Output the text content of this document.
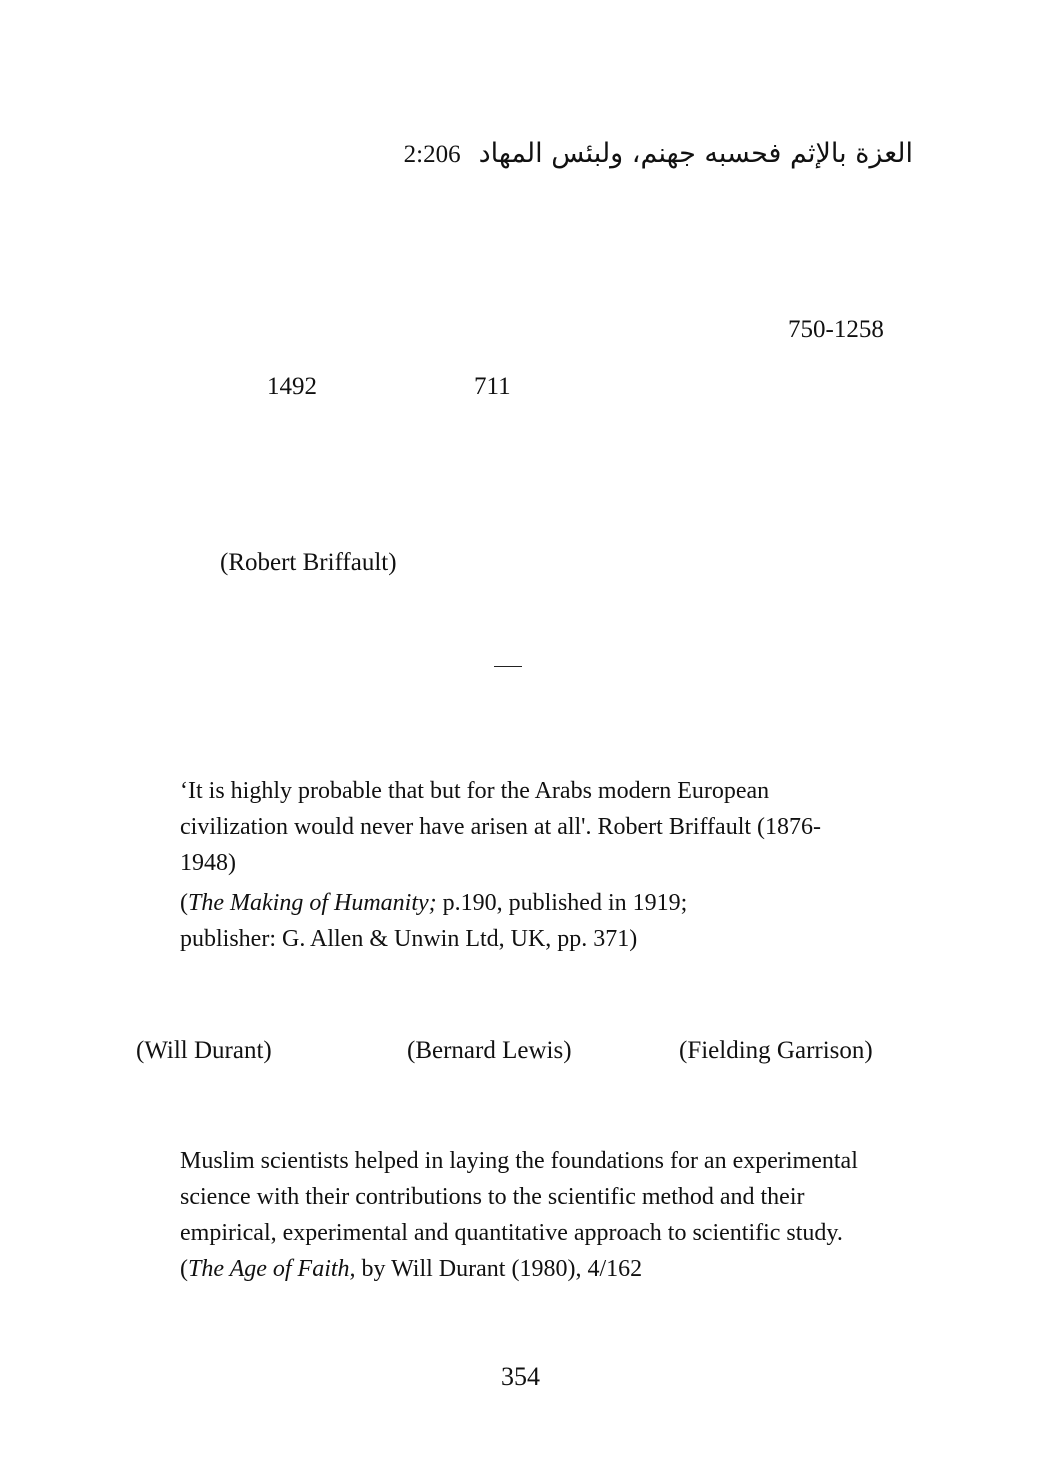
2:206 العزة بالإثم فحسبه جهنم، ولبئس المهاد
750-1258
711
1492
(Robert Briffault)

‘It is highly probable that but for the Arabs modern European civilization would never have arisen at all'. Robert Briffault (1876-1948)

(The Making of Humanity; p.190, published in 1919;
publisher: G. Allen & Unwin Ltd, UK, pp. 371)

(Will Durant)	(Bernard Lewis)	(Fielding Garrison)

Muslim scientists helped in laying the foundations for an experimental science with their contributions to the scientific method and their empirical, experimental and quantitative approach to scientific study. (The Age of Faith, by Will Durant (1980), 4/162

354
